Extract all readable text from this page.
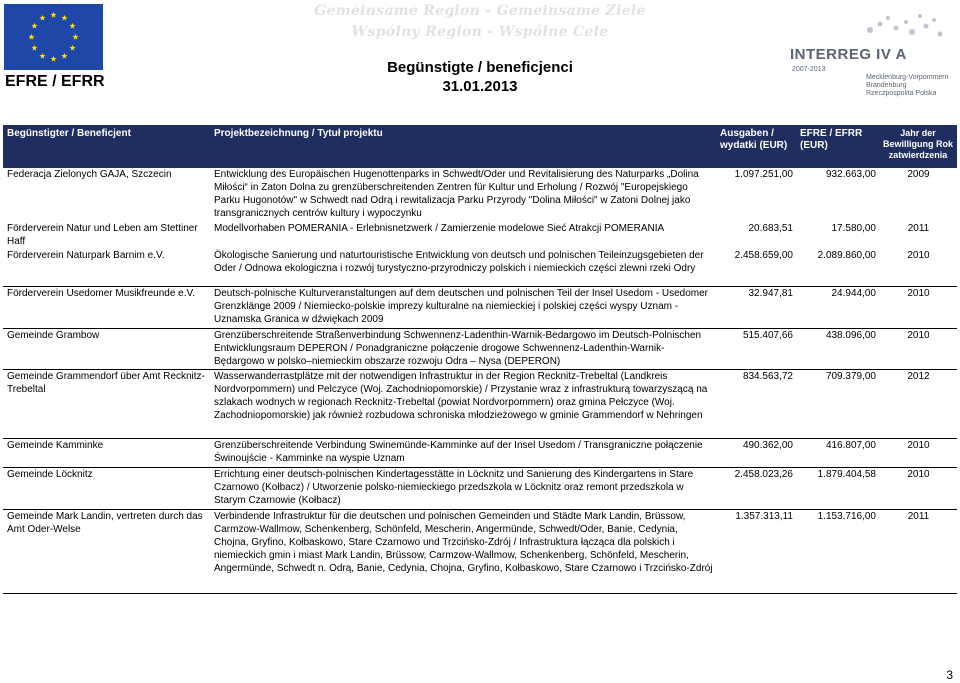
EFRE / EFRR
Gemeinsame Region - Gemeinsame Ziele
Wspólny Region - Wspólne Cele
Begünstigte / beneficjenci
31.01.2013
INTERREG IV A
2007-2013
Mecklenburg-Vorpommern
Brandenburg
Rzeczpospolita Polska
Begünstigter / Beneficjent	Projektbezeichnung / Tytuł projektu	Ausgaben / wydatki (EUR)	EFRE / EFRR (EUR)	Jahr der Bewilligung Rok zatwierdzenia
Federacja Zielonych GAJA, Szczecin	Entwicklung des Europäischen Hugenottenparks in Schwedt/Oder und Revitalisierung des Naturparks „Dolina Miłości“ in Zaton Dolna zu grenzüberschreitenden Zentren für Kultur und Erholung / Rozwój "Europejskiego Parku Hugonotów" w Schwedt nad Odrą i rewitalizacja Parku Przyrody "Dolina Miłości" w Zatoni Dolnej jako transgranicznych centrów kultury i wypoczynku	1.097.251,00	932.663,00	2009
Förderverein Natur und Leben am Stettiner Haff	Modellvorhaben POMERANIA - Erlebnisnetzwerk / Zamierzenie modelowe Sieć Atrakcji POMERANIA	20.683,51	17.580,00	2011
Förderverein Naturpark Barnim e.V.	Ökologische Sanierung und naturtouristische Entwicklung von deutsch und polnischen Teileinzugsgebieten der Oder / Odnowa ekologiczna i rozwój turystyczno-przyrodniczy polskich i niemieckich części zlewni rzeki Odry	2.458.659,00	2.089.860,00	2010
Förderverein Usedomer Musikfreunde e.V.	Deutsch-polnische Kulturveranstaltungen auf dem deutschen und polnischen Teil der Insel Usedom - Usedomer Grenzklänge 2009 / Niemiecko-polskie imprezy kulturalne na niemieckiej i polskiej części wyspy Uznam - Uznamska Granica w dźwiękach 2009	32.947,81	24.944,00	2010
Gemeinde Grambow	Grenzüberschreitende Straßenverbindung Schwennenz-Ladenthin-Warnik-Bedargowo im Deutsch-Polnischen Entwicklungsraum DEPERON / Ponadgraniczne połączenie drogowe Schwennenz-Ladenthin-Warnik-Będargowo w polsko–niemieckim obszarze rozwoju Odra – Nysa (DEPERON)	515.407,66	438.096,00	2010
Gemeinde Grammendorf über Amt Recknitz-Trebeltal	Wasserwanderrastplätze mit der notwendigen Infrastruktur in der Region Recknitz-Trebeltal (Landkreis Nordvorpommern) und Pelczyce (Woj. Zachodniopomorskie) / Przystanie wraz z infrastrukturą towarzyszącą na szlakach wodnych w regionach Recknitz-Trebeltal (powiat Nordvorpommern) oraz gmina Pełczyce (Woj. Zachodniopomorskie) jak również rozbudowa schroniska młodzieżowego w gminie Grammendorf w Nehringen	834.563,72	709.379,00	2012
Gemeinde Kamminke	Grenzüberschreitende Verbindung Swinemünde-Kamminke auf der Insel Usedom / Transgraniczne połączenie Świnoujście - Kamminke na wyspie Uznam	490.362,00	416.807,00	2010
Gemeinde Löcknitz	Errichtung einer deutsch-polnischen Kindertagesstätte in Löcknitz und Sanierung des Kindergartens in Stare Czarnowo (Kołbacz) / Utworzenie polsko-niemieckiego przedszkola w Löcknitz oraz remont przedszkola w Starym Czarnowie (Kołbacz)	2.458.023,26	1.879.404,58	2010
Gemeinde Mark Landin, vertreten durch das Amt Oder-Welse	Verbindende Infrastruktur für die deutschen und polnischen Gemeinden und Städte Mark Landin, Brüssow, Carmzow-Wallmow, Schenkenberg, Schönfeld, Mescherin, Angermünde, Schwedt/Oder, Banie, Cedynia, Chojna, Gryfino, Kołbaskowo, Stare Czarnowo und Trzcińsko-Zdrój / Infrastruktura łącząca dla polskich i niemieckich gmin i miast Mark Landin, Brüssow, Carmzow-Wallmow, Schenkenberg, Schönfeld, Mescherin, Angermünde, Schwedt n. Odrą, Banie, Cedynia, Chojna, Gryfino, Kołbaskowo, Stare Czarnowo i Trzcińsko-Zdrój	1.357.313,11	1.153.716,00	2011
3
